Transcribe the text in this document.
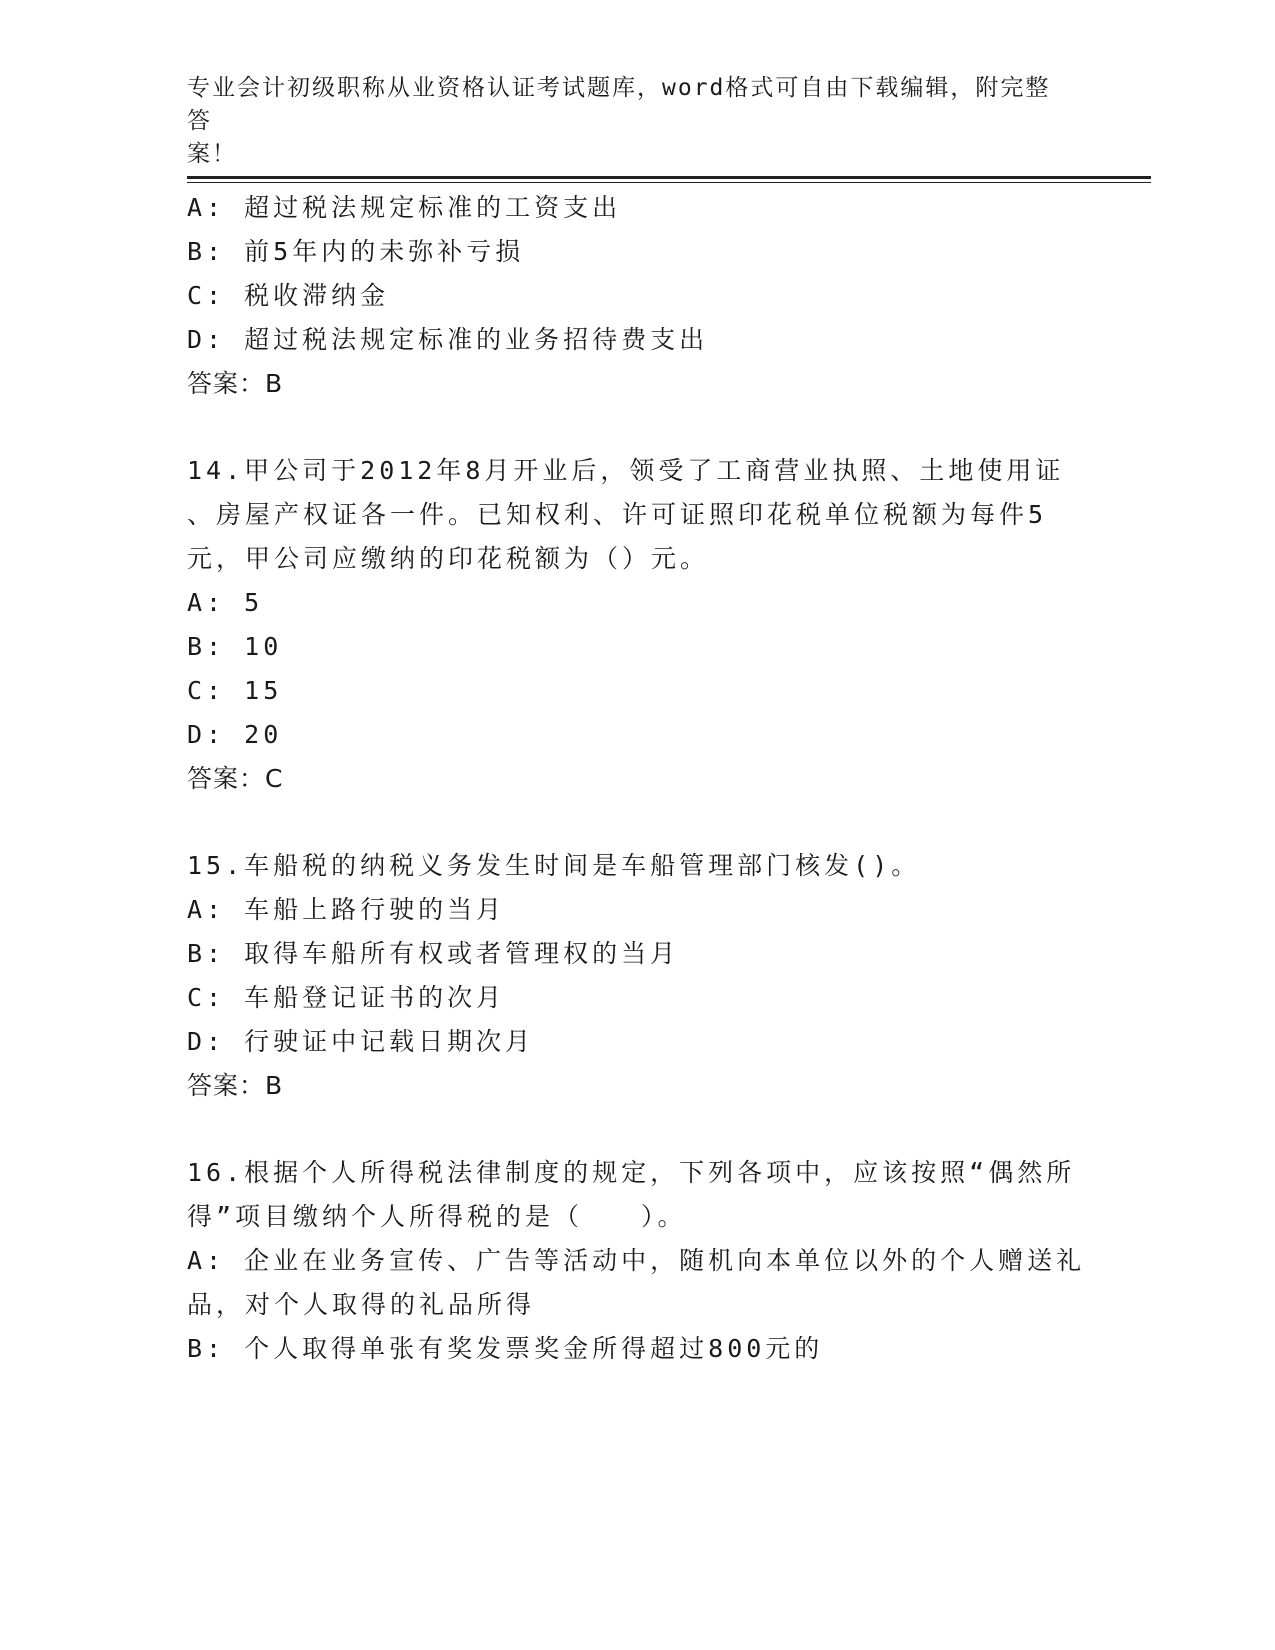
专业会计初级职称从业资格认证考试题库，word格式可自由下载编辑，附完整答
案！
A: 超过税法规定标准的工资支出
B: 前5年内的未弥补亏损
C: 税收滞纳金
D: 超过税法规定标准的业务招待费支出
答案：B
14.甲公司于2012年8月开业后，领受了工商营业执照、土地使用证
、房屋产权证各一件。已知权利、许可证照印花税单位税额为每件5
元，甲公司应缴纳的印花税额为（）元。
A: 5
B: 10
C: 15
D: 20
答案：C
15.车船税的纳税义务发生时间是车船管理部门核发()。
A: 车船上路行驶的当月
B: 取得车船所有权或者管理权的当月
C: 车船登记证书的次月
D: 行驶证中记载日期次月
答案：B
16.根据个人所得税法律制度的规定，下列各项中，应该按照“偶然所
得”项目缴纳个人所得税的是（　　）。
A: 企业在业务宣传、广告等活动中，随机向本单位以外的个人赠送礼
品，对个人取得的礼品所得
B: 个人取得单张有奖发票奖金所得超过800元的
